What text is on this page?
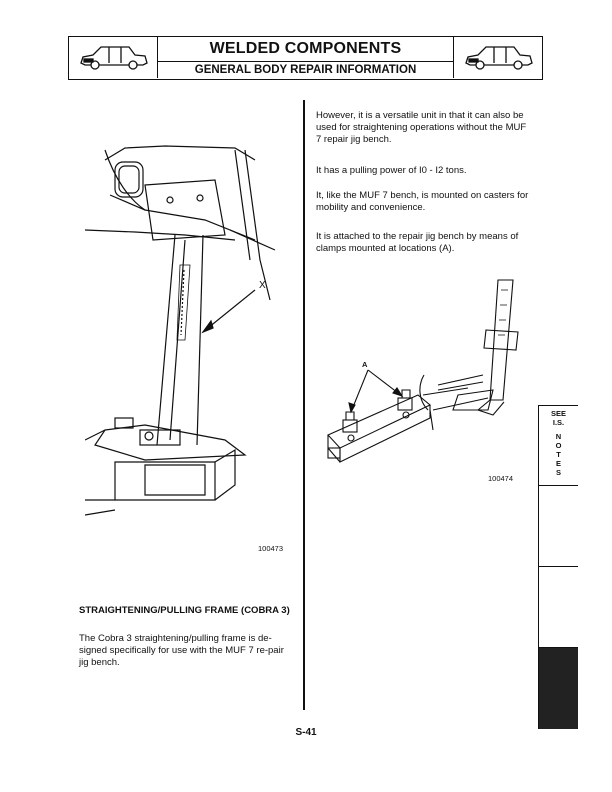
WELDED COMPONENTS
GENERAL BODY REPAIR INFORMATION
X
100473
STRAIGHTENING/PULLING FRAME (COBRA 3)
The Cobra 3 straightening/pulling frame is de-signed specifically for use with the MUF 7 re-pair jig bench.
However, it is a versatile unit in that it can also be used for straightening operations without the MUF 7 repair jig bench.
It has a pulling power of I0 - I2 tons.
It, like the MUF 7 bench, is mounted on casters for mobility and convenience.
It is attached to the repair jig bench by means of clamps mounted at locations (A).
A
100474
SEE
I.S.
N
O
T
E
S
S-41
